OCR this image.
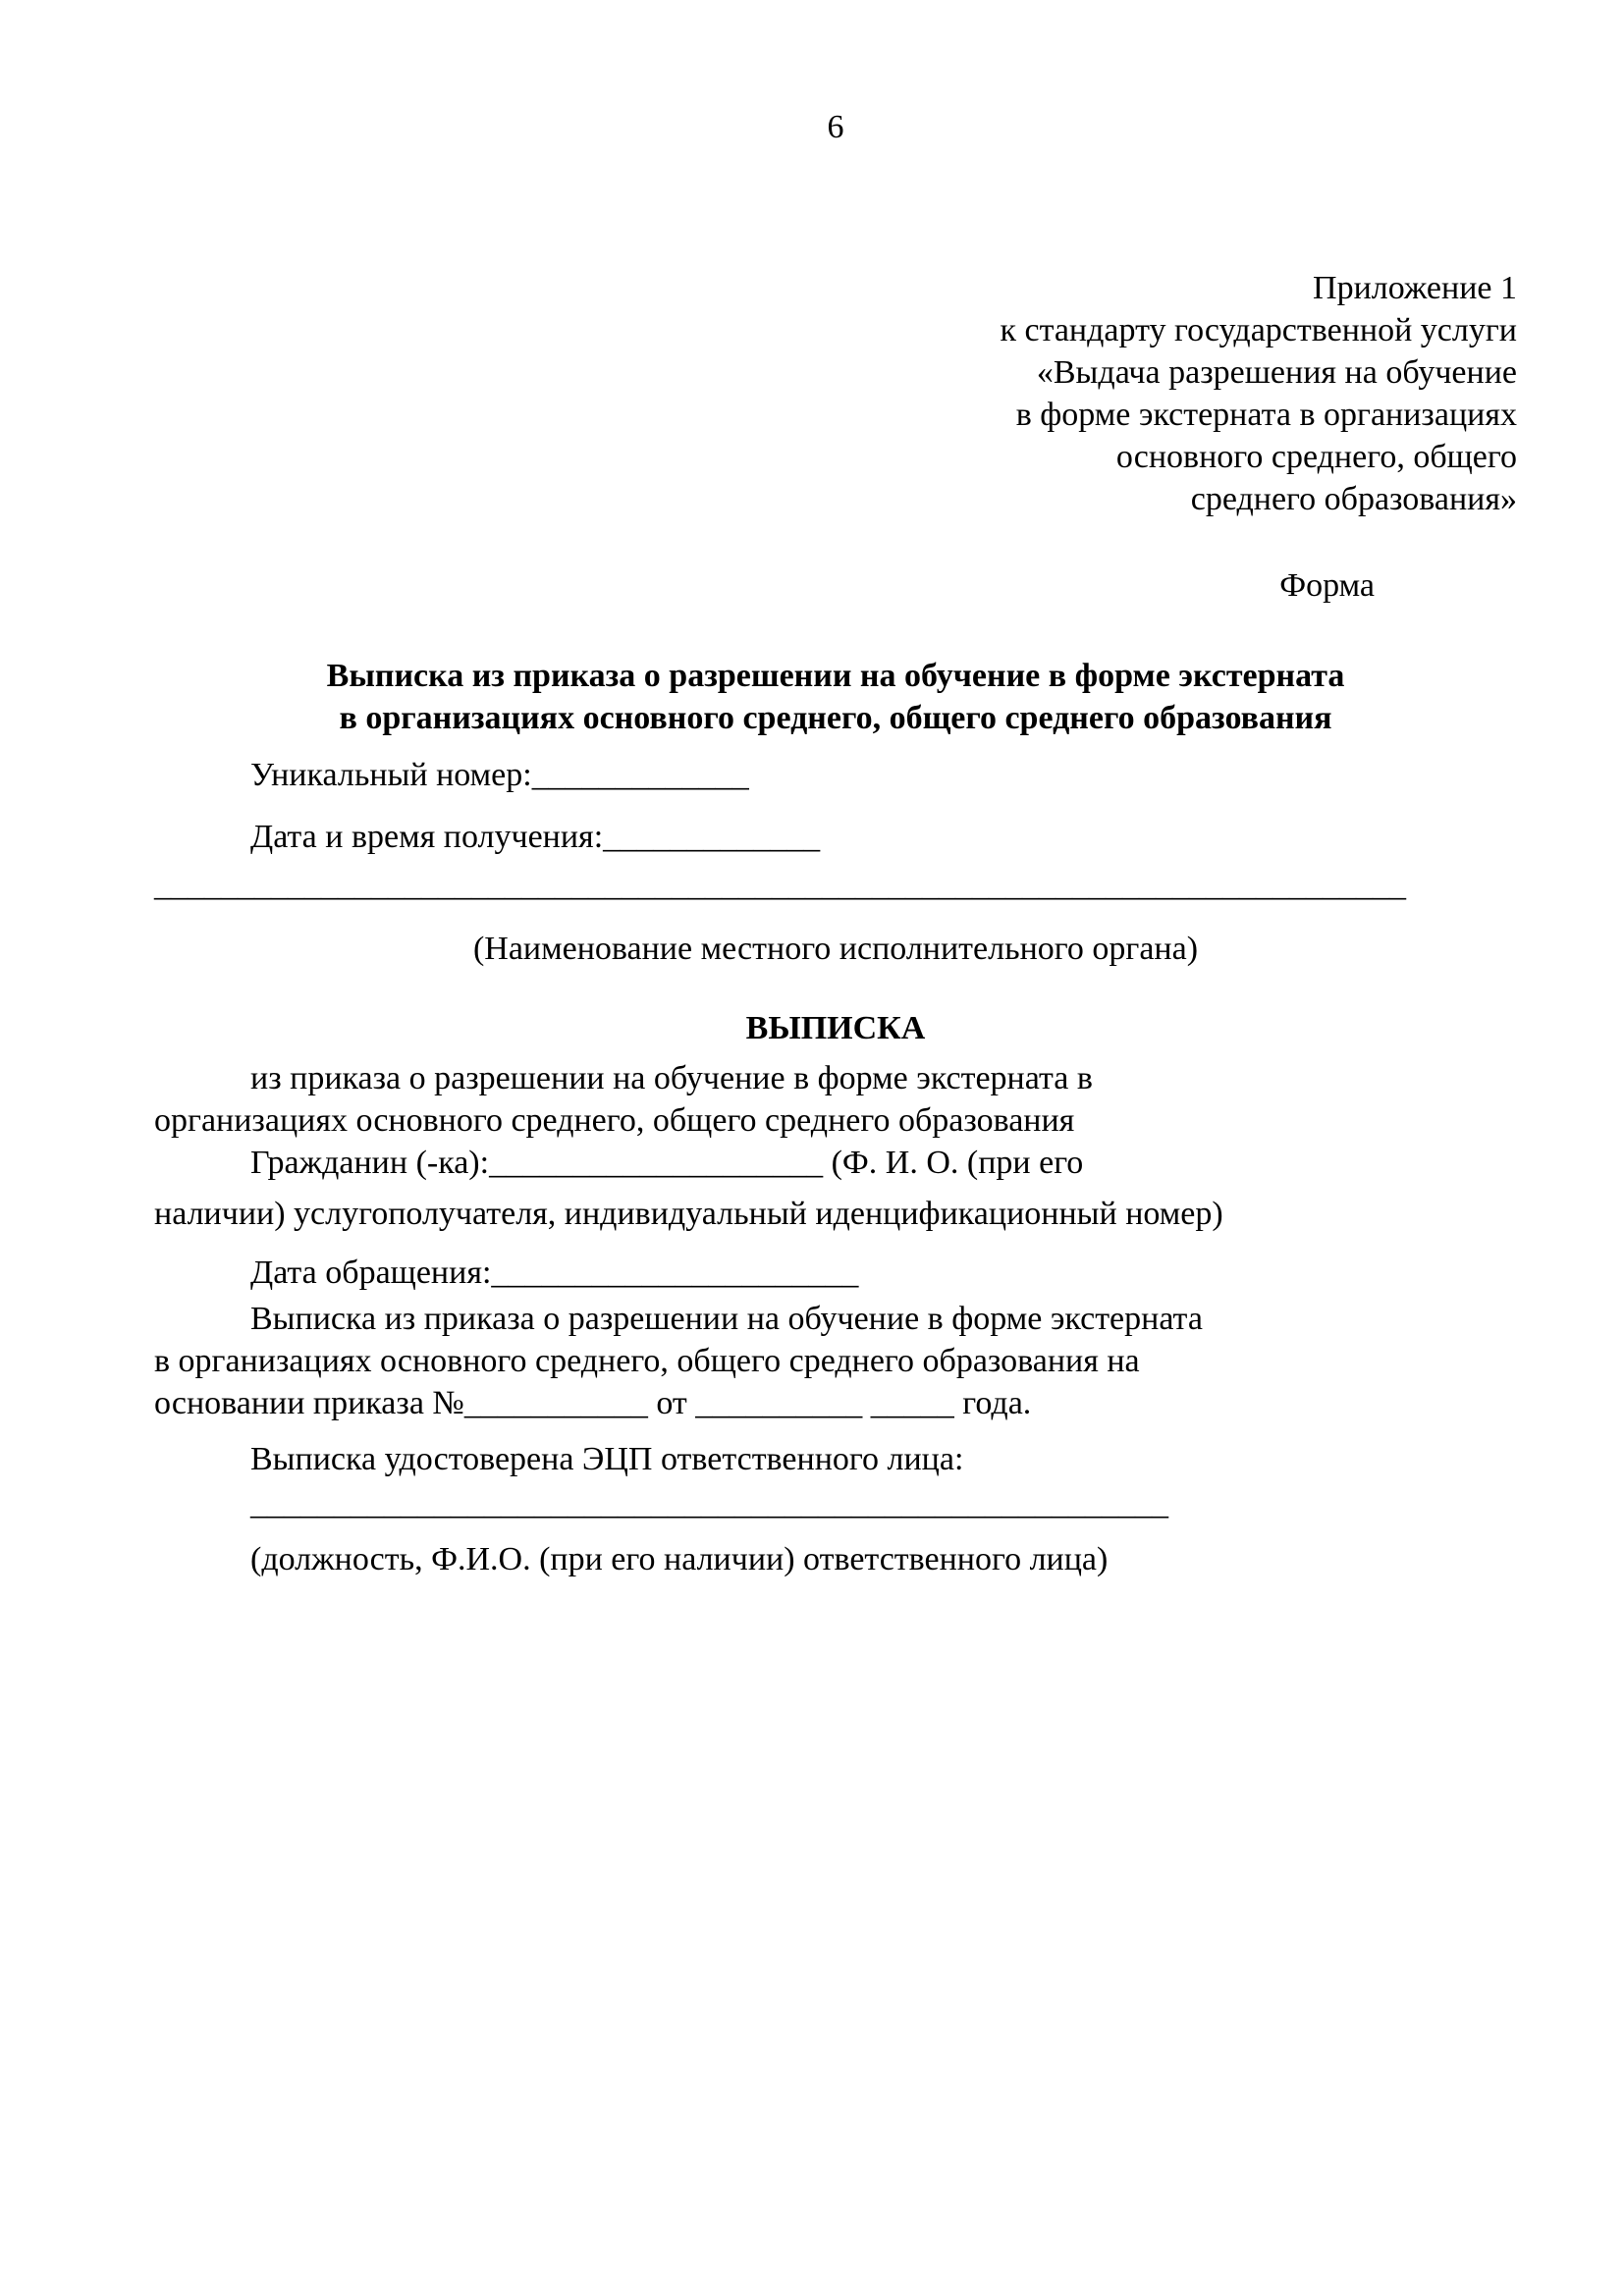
6
Приложение 1
к стандарту государственной услуги
«Выдача разрешения на обучение
в форме экстерната в организациях
основного среднего, общего
среднего образования»
Форма
Выписка из приказа о разрешении на обучение в форме экстерната
в организациях основного среднего, общего среднего образования
Уникальный номер:_____________
Дата и время получения:_____________
___________________________________________________________________________
(Наименование местного исполнительного органа)
ВЫПИСКА
из приказа о разрешении на обучение в форме экстерната в
организациях основного среднего, общего среднего образования
Гражданин (-ка):____________________ (Ф. И. О. (при его
наличии) услугополучателя, индивидуальный иденцификационный номер)
Дата обращения:______________________
Выписка из приказа о разрешении на обучение в форме экстерната
в организациях основного среднего, общего среднего образования на
основании приказа №___________ от __________ _____ года.
Выписка удостоверена ЭЦП ответственного лица:
_______________________________________________________
(должность, Ф.И.О. (при его наличии) ответственного лица)
